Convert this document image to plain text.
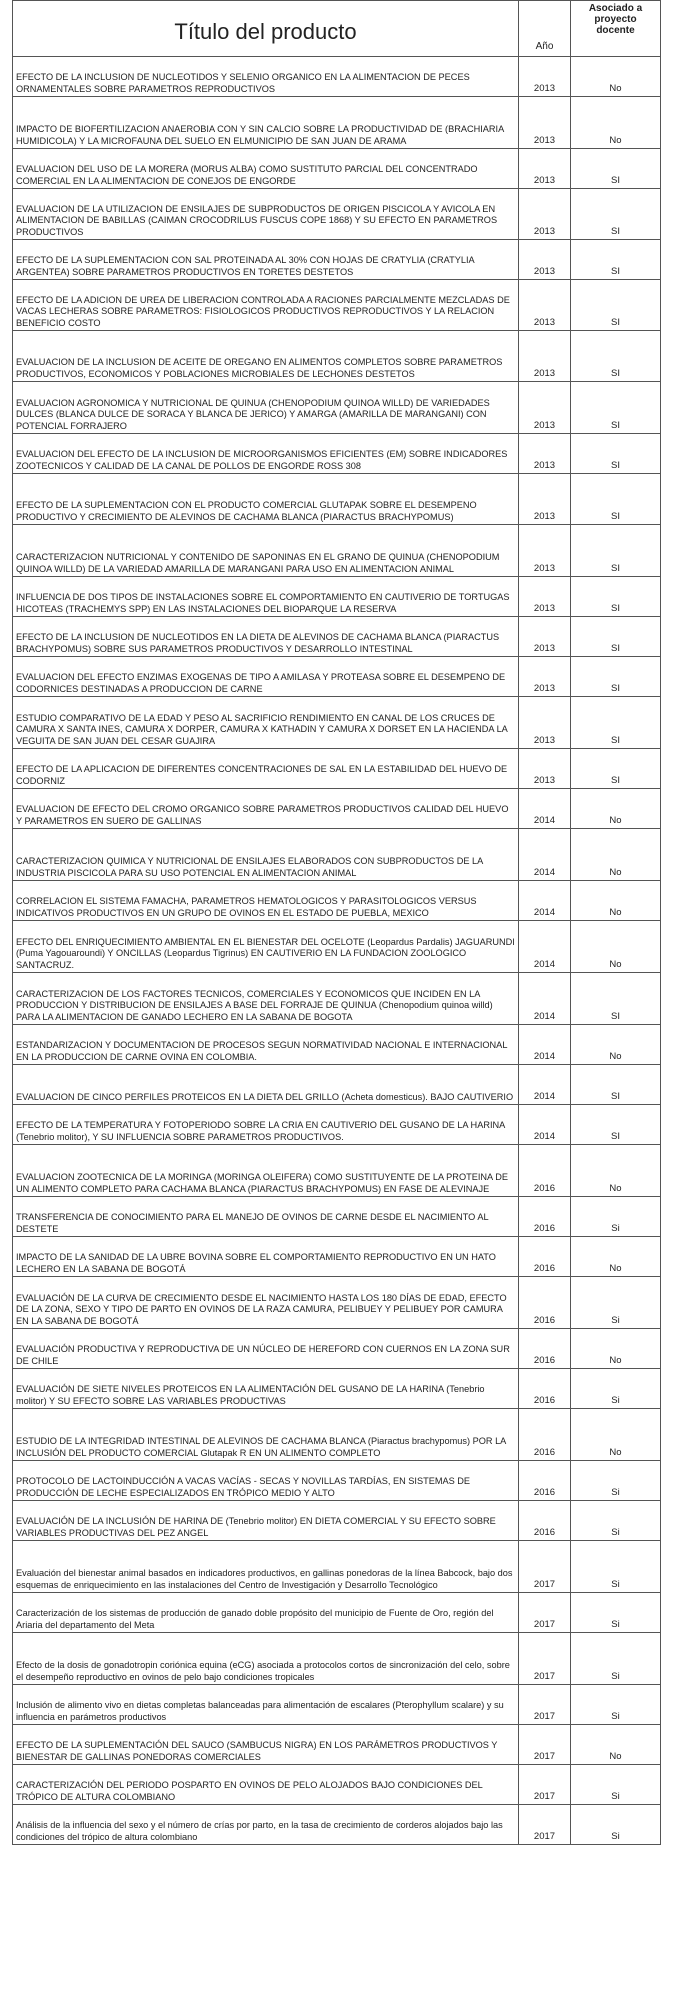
Título del producto	Año	Asociado a proyecto docente
EFECTO DE LA INCLUSION DE NUCLEOTIDOS Y SELENIO ORGANICO EN LA ALIMENTACION DE PECES ORNAMENTALES SOBRE PARAMETROS REPRODUCTIVOS	2013	No
IMPACTO DE BIOFERTILIZACION ANAEROBIA CON Y SIN CALCIO SOBRE LA PRODUCTIVIDAD DE (BRACHIARIA HUMIDICOLA) Y LA MICROFAUNA DEL SUELO EN ELMUNICIPIO DE SAN JUAN DE ARAMA	2013	No
EVALUACION DEL USO DE LA MORERA (MORUS ALBA) COMO SUSTITUTO PARCIAL DEL CONCENTRADO COMERCIAL EN LA ALIMENTACION DE CONEJOS DE ENGORDE	2013	SI
EVALUACION DE LA UTILIZACION DE ENSILAJES DE SUBPRODUCTOS DE ORIGEN PISCICOLA Y AVICOLA EN ALIMENTACION DE BABILLAS (CAIMAN CROCODRILUS FUSCUS COPE 1868) Y SU EFECTO EN PARAMETROS PRODUCTIVOS	2013	SI
EFECTO DE LA SUPLEMENTACION CON SAL PROTEINADA AL 30% CON HOJAS DE CRATYLIA (CRATYLIA ARGENTEA) SOBRE PARAMETROS PRODUCTIVOS EN TORETES DESTETOS	2013	SI
EFECTO DE LA ADICION DE UREA DE LIBERACION CONTROLADA A RACIONES PARCIALMENTE MEZCLADAS DE VACAS LECHERAS SOBRE PARAMETROS: FISIOLOGICOS PRODUCTIVOS REPRODUCTIVOS Y LA RELACION BENEFICIO COSTO	2013	SI
EVALUACION DE LA INCLUSION DE ACEITE DE OREGANO EN ALIMENTOS COMPLETOS SOBRE PARAMETROS PRODUCTIVOS, ECONOMICOS Y POBLACIONES MICROBIALES DE LECHONES DESTETOS	2013	SI
EVALUACION AGRONOMICA Y NUTRICIONAL DE QUINUA (CHENOPODIUM QUINOA WILLD) DE VARIEDADES DULCES (BLANCA DULCE DE SORACA Y BLANCA DE JERICO) Y AMARGA (AMARILLA DE MARANGANI) CON POTENCIAL FORRAJERO	2013	SI
EVALUACION DEL EFECTO DE LA INCLUSION DE MICROORGANISMOS EFICIENTES (EM) SOBRE INDICADORES ZOOTECNICOS Y CALIDAD DE LA CANAL DE POLLOS DE ENGORDE ROSS 308	2013	SI
EFECTO DE LA SUPLEMENTACION CON EL PRODUCTO COMERCIAL GLUTAPAK SOBRE EL DESEMPENO PRODUCTIVO Y CRECIMIENTO DE ALEVINOS DE CACHAMA BLANCA (PIARACTUS BRACHYPOMUS)	2013	SI
CARACTERIZACION NUTRICIONAL Y CONTENIDO DE SAPONINAS EN EL GRANO DE QUINUA (CHENOPODIUM QUINOA WILLD) DE LA VARIEDAD AMARILLA DE MARANGANI PARA USO EN ALIMENTACION ANIMAL	2013	SI
INFLUENCIA DE DOS TIPOS DE INSTALACIONES SOBRE EL COMPORTAMIENTO EN CAUTIVERIO DE TORTUGAS HICOTEAS (TRACHEMYS SPP) EN LAS INSTALACIONES DEL BIOPARQUE LA RESERVA	2013	SI
EFECTO DE LA INCLUSION DE NUCLEOTIDOS EN LA DIETA DE ALEVINOS DE CACHAMA BLANCA (PIARACTUS BRACHYPOMUS) SOBRE SUS PARAMETROS PRODUCTIVOS Y DESARROLLO INTESTINAL	2013	SI
EVALUACION DEL EFECTO ENZIMAS EXOGENAS DE TIPO A AMILASA Y PROTEASA SOBRE EL DESEMPENO DE CODORNICES DESTINADAS A PRODUCCION DE CARNE	2013	SI
ESTUDIO COMPARATIVO DE LA EDAD Y PESO AL SACRIFICIO RENDIMIENTO EN CANAL DE LOS CRUCES DE CAMURA X SANTA INES, CAMURA X DORPER, CAMURA X KATHADIN Y CAMURA X DORSET EN LA HACIENDA LA VEGUITA DE SAN JUAN DEL CESAR GUAJIRA	2013	SI
EFECTO DE LA APLICACION DE DIFERENTES CONCENTRACIONES DE SAL EN LA ESTABILIDAD DEL HUEVO DE CODORNIZ	2013	SI
EVALUACION DE EFECTO DEL CROMO ORGANICO SOBRE PARAMETROS PRODUCTIVOS CALIDAD DEL HUEVO Y PARAMETROS EN SUERO DE GALLINAS	2014	No
CARACTERIZACION QUIMICA Y NUTRICIONAL DE ENSILAJES ELABORADOS CON SUBPRODUCTOS DE LA INDUSTRIA PISCICOLA PARA SU USO POTENCIAL EN ALIMENTACION ANIMAL	2014	No
CORRELACION EL SISTEMA FAMACHA, PARAMETROS HEMATOLOGICOS Y PARASITOLOGICOS VERSUS INDICATIVOS PRODUCTIVOS EN UN GRUPO DE OVINOS EN EL ESTADO DE PUEBLA, MEXICO	2014	No
EFECTO DEL ENRIQUECIMIENTO AMBIENTAL EN EL BIENESTAR DEL OCELOTE (Leopardus Pardalis) JAGUARUNDI (Puma Yagouaroundi) Y ONCILLAS (Leopardus Tigrinus) EN CAUTIVERIO EN LA FUNDACION ZOOLOGICO SANTACRUZ.	2014	No
CARACTERIZACION DE LOS FACTORES TECNICOS, COMERCIALES Y ECONOMICOS QUE INCIDEN EN LA PRODUCCION Y DISTRIBUCION DE ENSILAJES A BASE DEL FORRAJE DE QUINUA (Chenopodium quinoa willd) PARA LA ALIMENTACION DE GANADO LECHERO EN LA SABANA DE BOGOTA	2014	SI
ESTANDARIZACION Y DOCUMENTACION DE PROCESOS SEGUN NORMATIVIDAD NACIONAL E INTERNACIONAL EN LA PRODUCCION DE CARNE OVINA EN COLOMBIA.	2014	No
EVALUACION DE CINCO PERFILES PROTEICOS EN LA DIETA DEL GRILLO (Acheta domesticus). BAJO CAUTIVERIO	2014	SI
EFECTO DE LA TEMPERATURA Y FOTOPERIODO SOBRE LA CRIA EN CAUTIVERIO DEL GUSANO DE LA HARINA (Tenebrio molitor), Y SU INFLUENCIA SOBRE PARAMETROS PRODUCTIVOS.	2014	SI
EVALUACION ZOOTECNICA DE LA MORINGA (MORINGA OLEIFERA) COMO SUSTITUYENTE DE LA PROTEINA DE UN ALIMENTO COMPLETO PARA CACHAMA BLANCA (PIARACTUS BRACHYPOMUS) EN FASE DE ALEVINAJE	2016	No
TRANSFERENCIA DE CONOCIMIENTO PARA EL MANEJO DE OVINOS DE CARNE DESDE EL NACIMIENTO AL DESTETE	2016	Si
IMPACTO DE LA SANIDAD DE LA UBRE BOVINA SOBRE EL COMPORTAMIENTO REPRODUCTIVO EN UN HATO LECHERO EN LA SABANA DE BOGOTÁ	2016	No
EVALUACIÓN DE LA CURVA DE CRECIMIENTO DESDE EL NACIMIENTO HASTA LOS 180 DÍAS DE EDAD, EFECTO DE LA ZONA, SEXO Y TIPO DE PARTO EN OVINOS DE LA RAZA CAMURA, PELIBUEY Y PELIBUEY POR CAMURA EN LA SABANA DE BOGOTÁ	2016	Si
EVALUACIÓN PRODUCTIVA Y REPRODUCTIVA DE UN NÚCLEO DE HEREFORD CON CUERNOS EN LA ZONA SUR DE CHILE	2016	No
EVALUACIÓN DE SIETE NIVELES PROTEICOS EN LA ALIMENTACIÓN DEL GUSANO DE LA HARINA (Tenebrio molitor) Y SU EFECTO SOBRE LAS VARIABLES PRODUCTIVAS	2016	Si
ESTUDIO DE LA INTEGRIDAD INTESTINAL DE ALEVINOS DE CACHAMA BLANCA (Piaractus brachypomus) POR LA INCLUSIÓN DEL PRODUCTO COMERCIAL Glutapak R EN UN ALIMENTO COMPLETO	2016	No
PROTOCOLO DE LACTOINDUCCIÓN A VACAS VACÍAS - SECAS Y NOVILLAS TARDÍAS, EN SISTEMAS DE PRODUCCIÓN DE LECHE ESPECIALIZADOS EN TRÓPICO MEDIO Y ALTO	2016	Si
EVALUACIÓN DE LA INCLUSIÓN DE HARINA DE (Tenebrio molitor) EN DIETA COMERCIAL Y SU EFECTO SOBRE VARIABLES PRODUCTIVAS DEL PEZ ANGEL	2016	Si
Evaluación del bienestar animal basados en indicadores productivos, en gallinas ponedoras de la línea Babcock, bajo dos esquemas de enriquecimiento en las instalaciones del Centro de Investigación y Desarrollo Tecnológico	2017	Si
Caracterización de los sistemas de producción de ganado doble propósito del municipio de Fuente de Oro, región del Ariaria del departamento del Meta	2017	Si
Efecto de la dosis de gonadotropin coriónica equina (eCG) asociada a protocolos cortos de sincronización del celo, sobre el desempeño reproductivo en ovinos de pelo bajo condiciones tropicales	2017	Si
Inclusión de alimento vivo en dietas completas balanceadas para alimentación de escalares (Pterophyllum scalare) y su influencia en parámetros productivos	2017	Si
EFECTO DE LA SUPLEMENTACIÓN DEL SAUCO (SAMBUCUS NIGRA) EN LOS PARÁMETROS PRODUCTIVOS Y BIENESTAR DE GALLINAS PONEDORAS COMERCIALES	2017	No
CARACTERIZACIÓN DEL PERIODO POSPARTO EN OVINOS DE PELO ALOJADOS BAJO CONDICIONES DEL TRÓPICO DE ALTURA COLOMBIANO	2017	Si
Análisis de la influencia del sexo y el número de crías por parto, en la tasa de crecimiento de corderos alojados bajo las condiciones del trópico de altura colombiano	2017	Si
